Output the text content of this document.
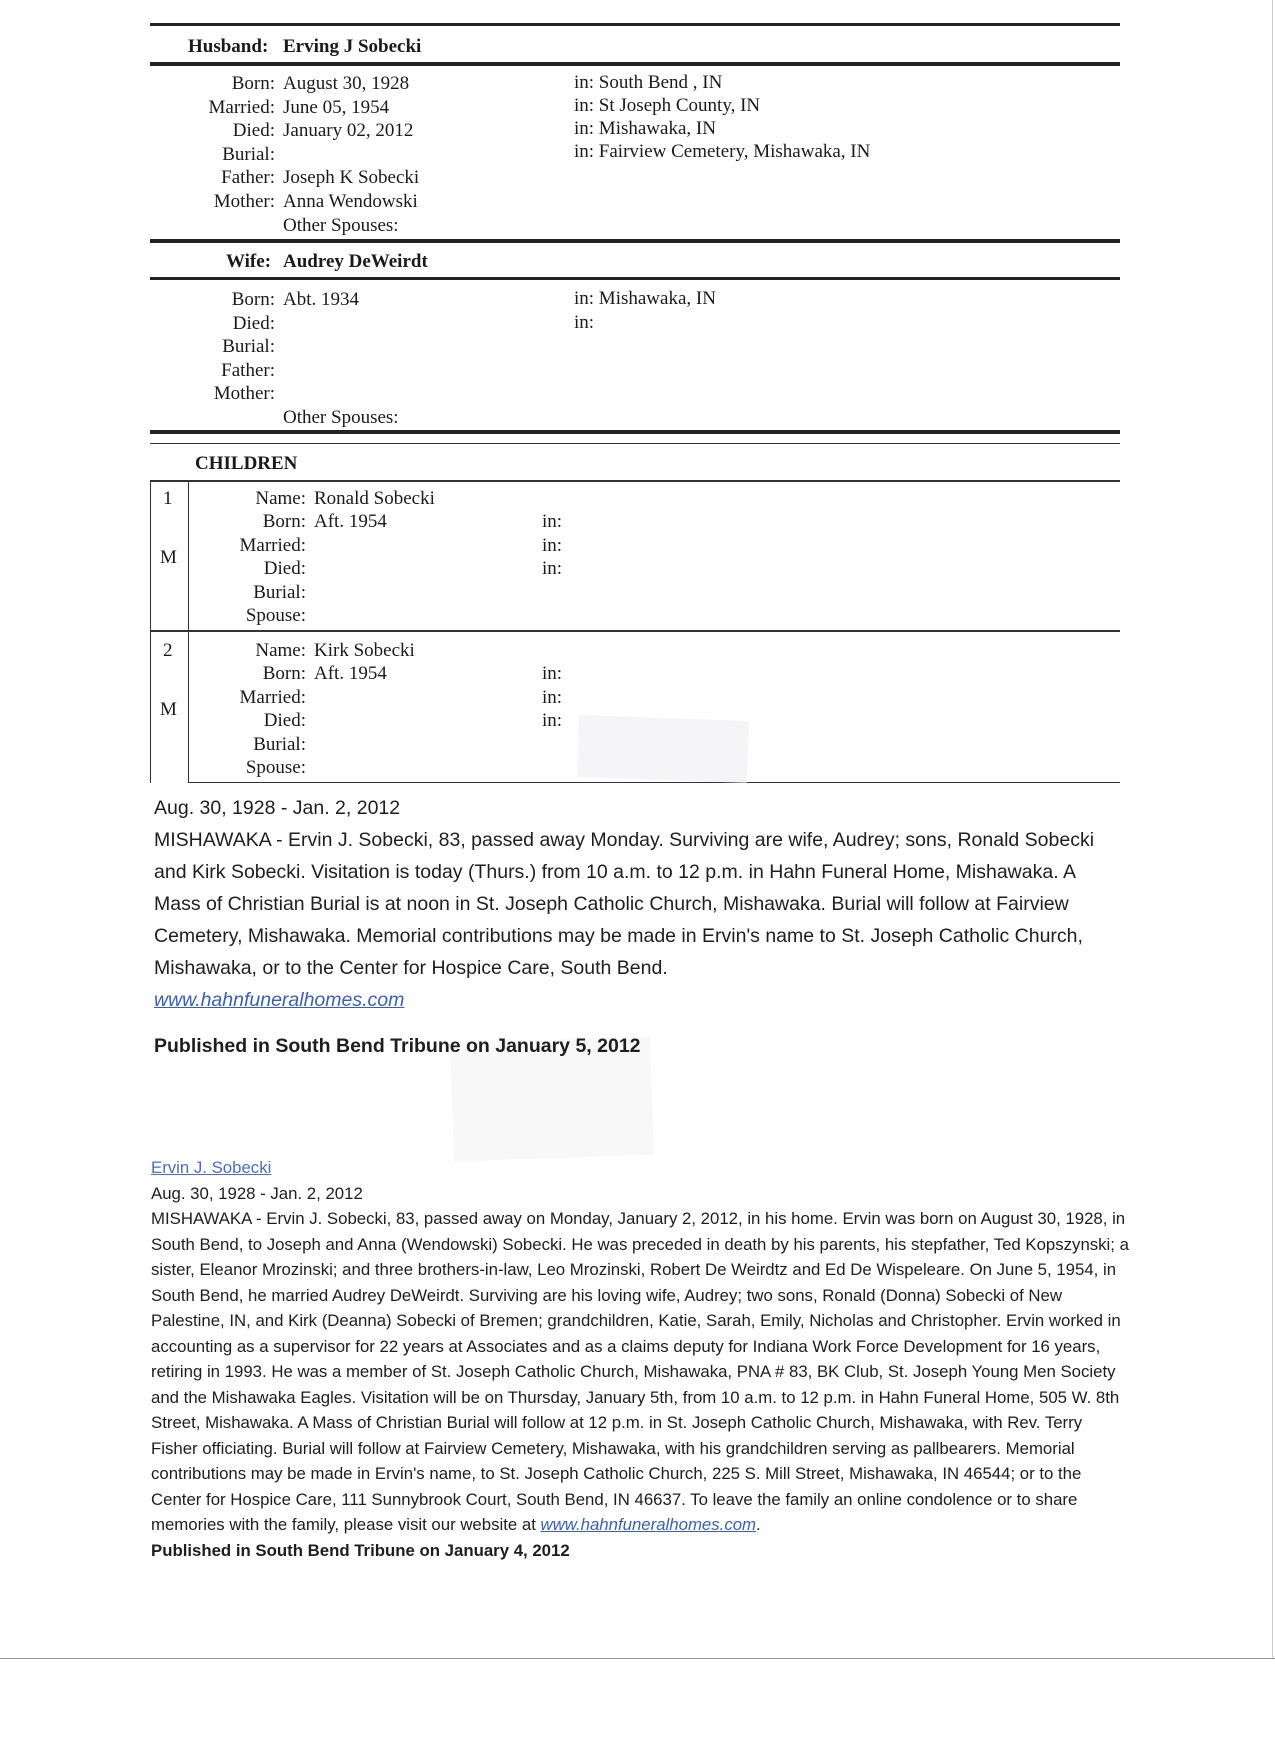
Husband: Erving J Sobecki
Born: August 30, 1928
Married: June 05, 1954
Died: January 02, 2012
Burial:
Father: Joseph K Sobecki
Mother: Anna Wendowski
Other Spouses:
in: South Bend , IN
in: St Joseph County, IN
in: Mishawaka, IN
in: Fairview Cemetery, Mishawaka, IN
Wife: Audrey DeWeirdt
Born: Abt. 1934
Died:
Burial:
Father:
Mother:
Other Spouses:
in: Mishawaka, IN
in:
CHILDREN
1
M
Name: Ronald Sobecki
Born: Aft. 1954
Married:
Died:
Burial:
Spouse:
in:
in:
in:
2
M
Name: Kirk Sobecki
Born: Aft. 1954
Married:
Died:
Burial:
Spouse:
in:
in:
in:
Aug. 30, 1928 - Jan. 2, 2012
MISHAWAKA - Ervin J. Sobecki, 83, passed away Monday. Surviving are wife, Audrey; sons, Ronald Sobecki and Kirk Sobecki. Visitation is today (Thurs.) from 10 a.m. to 12 p.m. in Hahn Funeral Home, Mishawaka. A Mass of Christian Burial is at noon in St. Joseph Catholic Church, Mishawaka. Burial will follow at Fairview Cemetery, Mishawaka. Memorial contributions may be made in Ervin's name to St. Joseph Catholic Church, Mishawaka, or to the Center for Hospice Care, South Bend.
www.hahnfuneralhomes.com
Published in South Bend Tribune on January 5, 2012
Ervin J. Sobecki
Aug. 30, 1928 - Jan. 2, 2012
MISHAWAKA - Ervin J. Sobecki, 83, passed away on Monday, January 2, 2012, in his home. Ervin was born on August 30, 1928, in South Bend, to Joseph and Anna (Wendowski) Sobecki. He was preceded in death by his parents, his stepfather, Ted Kopszynski; a sister, Eleanor Mrozinski; and three brothers-in-law, Leo Mrozinski, Robert De Weirdtz and Ed De Wispeleare. On June 5, 1954, in South Bend, he married Audrey DeWeirdt. Surviving are his loving wife, Audrey; two sons, Ronald (Donna) Sobecki of New Palestine, IN, and Kirk (Deanna) Sobecki of Bremen; grandchildren, Katie, Sarah, Emily, Nicholas and Christopher. Ervin worked in accounting as a supervisor for 22 years at Associates and as a claims deputy for Indiana Work Force Development for 16 years, retiring in 1993. He was a member of St. Joseph Catholic Church, Mishawaka, PNA # 83, BK Club, St. Joseph Young Men Society and the Mishawaka Eagles. Visitation will be on Thursday, January 5th, from 10 a.m. to 12 p.m. in Hahn Funeral Home, 505 W. 8th Street, Mishawaka. A Mass of Christian Burial will follow at 12 p.m. in St. Joseph Catholic Church, Mishawaka, with Rev. Terry Fisher officiating. Burial will follow at Fairview Cemetery, Mishawaka, with his grandchildren serving as pallbearers. Memorial contributions may be made in Ervin's name, to St. Joseph Catholic Church, 225 S. Mill Street, Mishawaka, IN 46544; or to the Center for Hospice Care, 111 Sunnybrook Court, South Bend, IN 46637. To leave the family an online condolence or to share memories with the family, please visit our website at www.hahnfuneralhomes.com.
Published in South Bend Tribune on January 4, 2012
